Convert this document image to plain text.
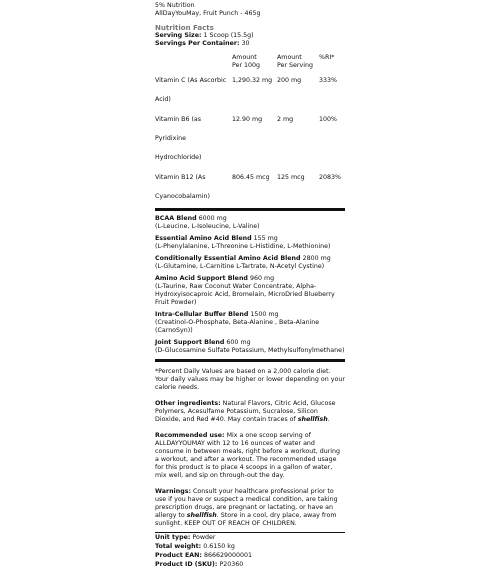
5% Nutrition
AllDayYouMay, Fruit Punch - 465g
Nutrition Facts
Serving Size: 1 Scoop (15.5g)
Servings Per Container: 30
Amount
Per 100g
Amount
Per Serving
%RI*
Vitamin C (As Ascorbic 1,290.32 mg 200 mg	333%
Acid)
Vitamin B6 (as	12.90 mg	2 mg	100%
Pyridixine
Hydrochloride)
Vitamin B12 (As	806.45 mcg	125 mcg	2083%
Cyanocobalamin)
BCAA Blend 6000 mg
(L-Leucine, L-Isoleucine, L-Valine)
Essential Amino Acid Blend 155 mg
(L-Phenylalanine, L-Threonine L-Histidine, L-Methionine)
Conditionally Essential Amino Acid Blend 2800 mg
(L-Glutamine, L-Carnitine L-Tartrate, N-Acetyl Cystine)
Amino Acid Support Blend 960 mg
(L-Taurine, Raw Coconut Water Concentrate, Alpha-Hydroxyisocaproic Acid, Bromelain, MicroDried Blueberry Fruit Powder)
Intra-Cellular Buffer Blend 1500 mg
(Creatinol-O-Phosphate, Beta-Alanine , Beta-Alanine (CarnoSyn))
Joint Support Blend 600 mg
(D-Glucosamine Sulfate Potassium, Methylsulfonylmethane)
*Percent Daily Values are based on a 2,000 calorie diet. Your daily values may be higher or lower depending on your calorie needs.
Other ingredients: Natural Flavors, Citric Acid, Glucose Polymers, Acesulfame Potassium, Sucralose, Silicon Dioxide, and Red #40. May contain traces of shellfish.
Recommended use: Mix a one scoop serving of ALLDAYYOUMAY with 12 to 16 ounces of water and consume in between meals, right before a workout, during a workout, and after a workout. The recommended usage for this product is to place 4 scoops in a gallon of water, mix well, and sip on through-out the day.
Warnings: Consult your healthcare professional prior to use if you have or suspect a medical condition, are taking prescription drugs, are pregnant or lactating, or have an allergy to shellfish. Store in a cool, dry place, away from sunlight. KEEP OUT OF REACH OF CHILDREN.
Unit type: Powder
Total weight: 0.6150 kg
Product EAN: 866629000001
Product ID (SKU): P20360
